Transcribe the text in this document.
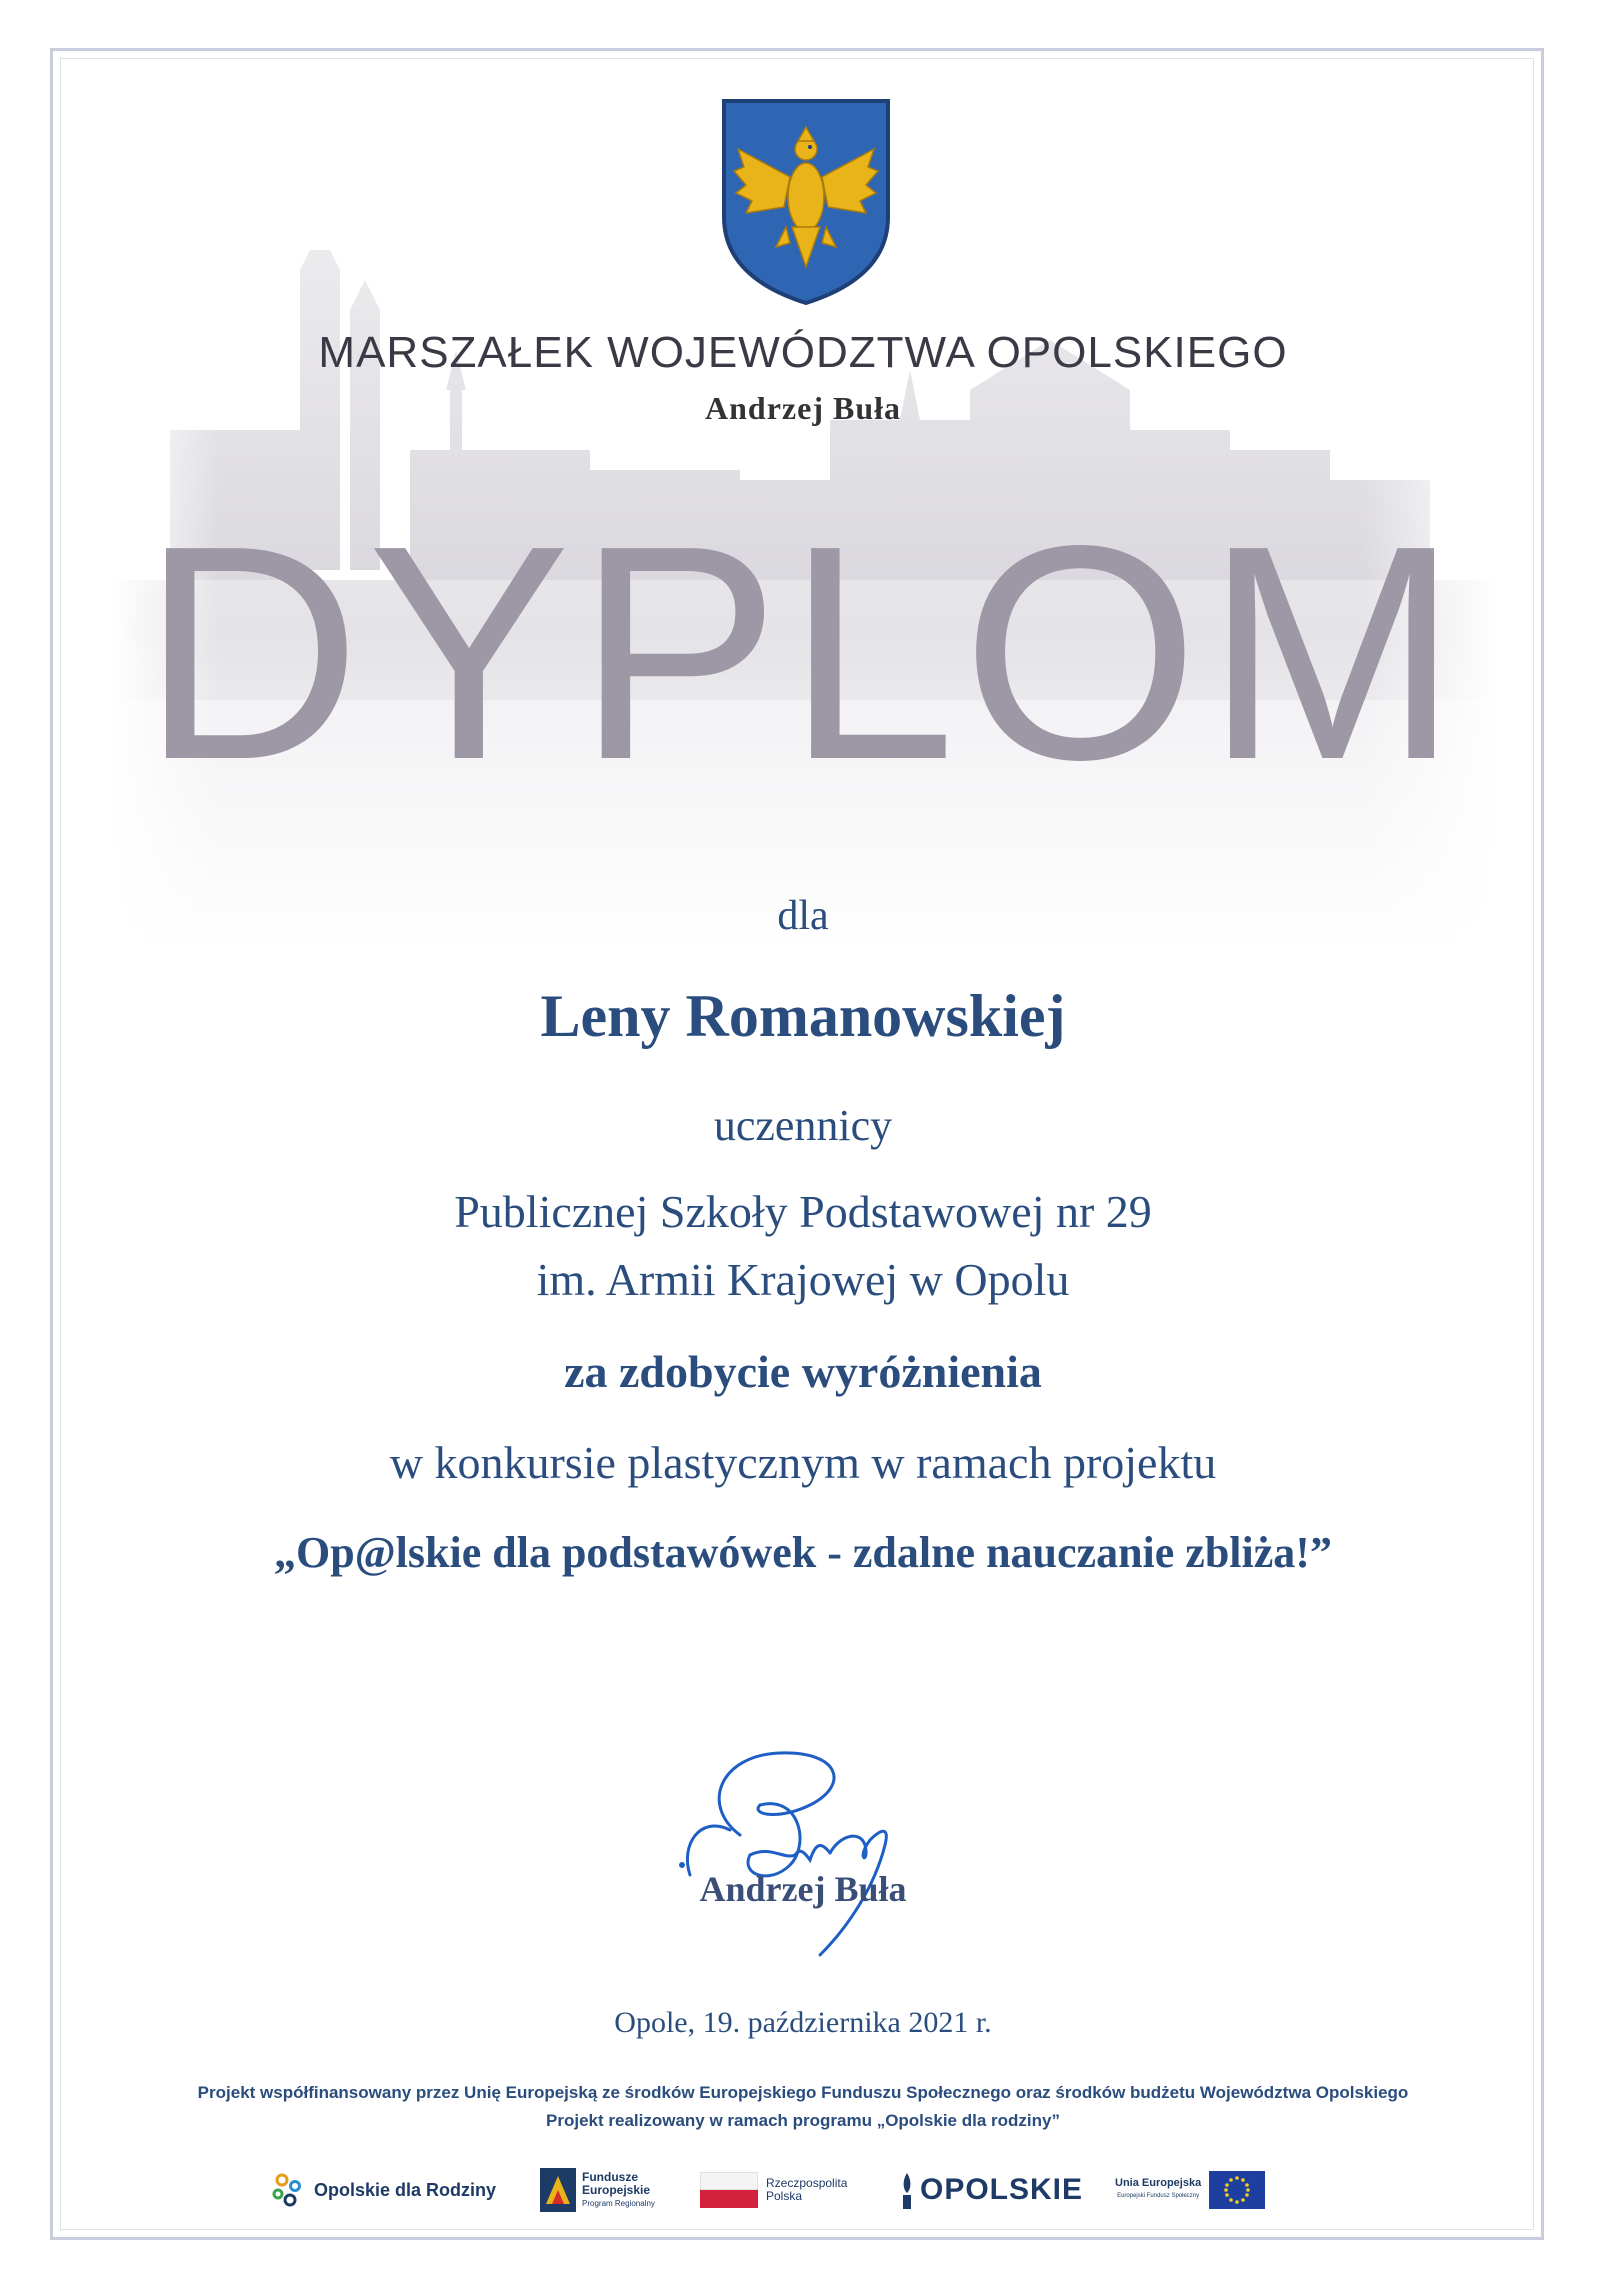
MARSZAŁEK WOJEWÓDZTWA OPOLSKIEGO
Andrzej Buła
DYPLOM
dla
Leny Romanowskiej
uczennicy
Publicznej Szkoły Podstawowej nr 29
im. Armii Krajowej w Opolu
za zdobycie wyróżnienia
w konkursie plastycznym w ramach projektu
„Op@lskie dla podstawówek - zdalne nauczanie zbliża!”
Andrzej Buła
Opole, 19. października 2021 r.
Projekt współfinansowany przez Unię Europejską ze środków Europejskiego Funduszu Społecznego oraz środków budżetu Województwa Opolskiego
Projekt realizowany w ramach programu „Opolskie dla rodziny”
Opolskie dla Rodziny
Fundusze
Europejskie
Program Regionalny
Rzeczpospolita
Polska	OPOLSKIE	Unia Europejska
Europejski Fundusz Społeczny
